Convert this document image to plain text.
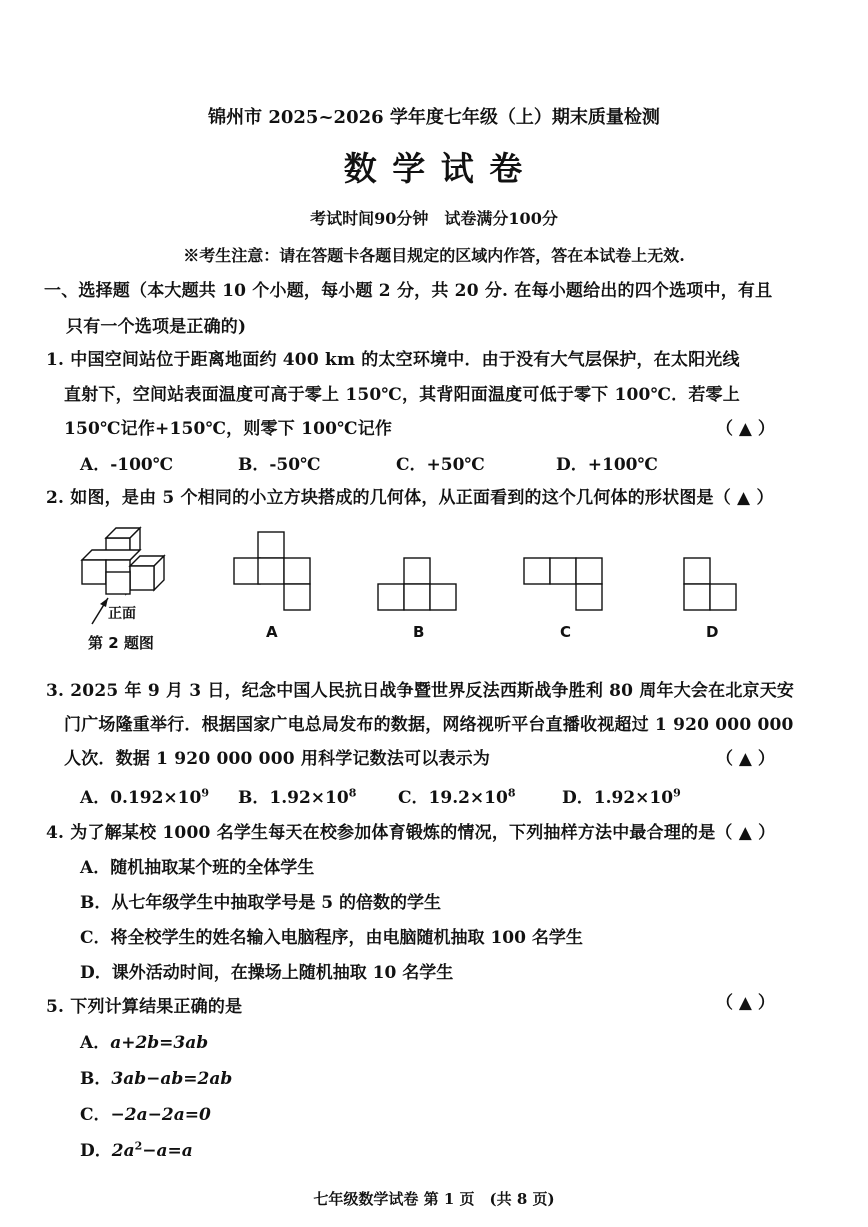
锦州市 2025~2026 学年度七年级（上）期末质量检测
数 学 试 卷
考试时间90分钟　试卷满分100分
※考生注意：请在答题卡各题目规定的区域内作答，答在本试卷上无效.
一、选择题（本大题共 10 个小题，每小题 2 分，共 20 分. 在每小题给出的四个选项中，有且
只有一个选项是正确的)
1. 中国空间站位于距离地面约 400 km 的太空环境中．由于没有大气层保护，在太阳光线
直射下，空间站表面温度可高于零上 150℃，其背阳面温度可低于零下 100℃．若零上
150℃记作+150℃，则零下 100℃记作	（ ▲ ）
A．-100℃	B．-50℃	C．+50℃	D．+100℃
2. 如图，是由 5 个相同的小立方块搭成的几何体，从正面看到的这个几何体的形状图是（ ▲ ）
正面
第 2 题图
A	B	C	D
3. 2025 年 9 月 3 日，纪念中国人民抗日战争暨世界反法西斯战争胜利 80 周年大会在北京天安
门广场隆重举行．根据国家广电总局发布的数据，网络视听平台直播收视超过 1 920 000 000
人次．数据 1 920 000 000 用科学记数法可以表示为	（ ▲ ）
A．$0.192\times 10^9$ B．$1.92\times 10^8$ C．$19.2\times 10^8$	D．$1.92\times 10^9$
4. 为了解某校 1000 名学生每天在校参加体育锻炼的情况，下列抽样方法中最合理的是（ ▲ ）
A．随机抽取某个班的全体学生
B．从七年级学生中抽取学号是 5 的倍数的学生
C．将全校学生的姓名输入电脑程序，由电脑随机抽取 100 名学生
D．课外活动时间，在操场上随机抽取 10 名学生
5. 下列计算结果正确的是	（ ▲ ）
A．a+2b=3ab
B．3ab−ab=2ab
C．−2a−2a=0
D．$2a^2-a=a$
七年级数学试卷 第 1 页　(共 8 页)
